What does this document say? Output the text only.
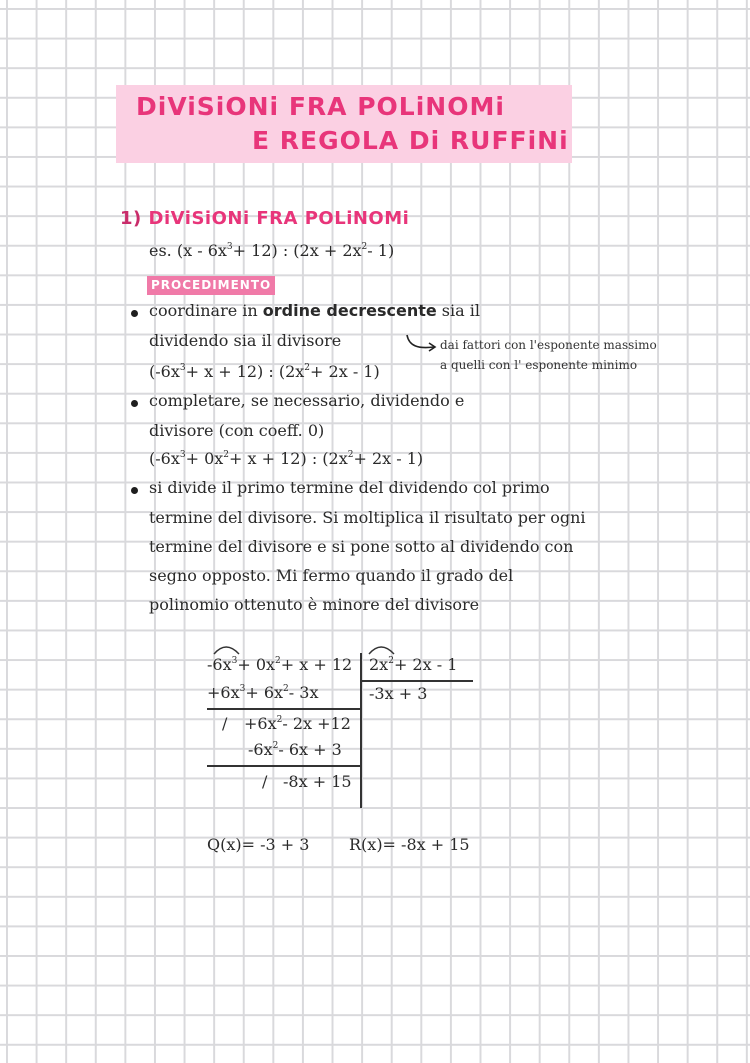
DiViSiONi FRA POLiNOMi
E REGOLA Di RUFFiNi
1) DiViSiONi FRA POLiNOMi
es. $(x - 6x^3+ 12)$ : ($2x + 2x^2-$ 1)
PROCEDIMENTO
coordinare in ordine decrescente sia il
dividendo sia il divisore
$(-6x^3+ x + 12)$ : $(2x^2+ 2x - 1)$
dai fattori con l'esponente massimo
a quelli con l' esponente minimo
completare, se necessario, dividendo e
divisore (con coeff. 0)
$(-6x^3+ 0x^2+ x + 12)$ : $(2x^2+ 2x - 1)$
si divide il primo termine del dividendo col primo
termine del divisore. Si moltiplica il risultato per ogni
termine del divisore e si pone sotto al dividendo con
segno opposto. Mi fermo quando il grado del
polinomio ottenuto è minore del divisore
$-6x^3+ 0x^2+ x + 12$ $2x^2+ 2x - 1$
$+6x^3+ 6x^2-$ 3x	-3x + 3
/ $+6x^2-$ 2x +12
$-6x^2-$ 6x + 3
/ -8x + 15
Q(x)= -3 + 3 R(x)= -8x + 15
